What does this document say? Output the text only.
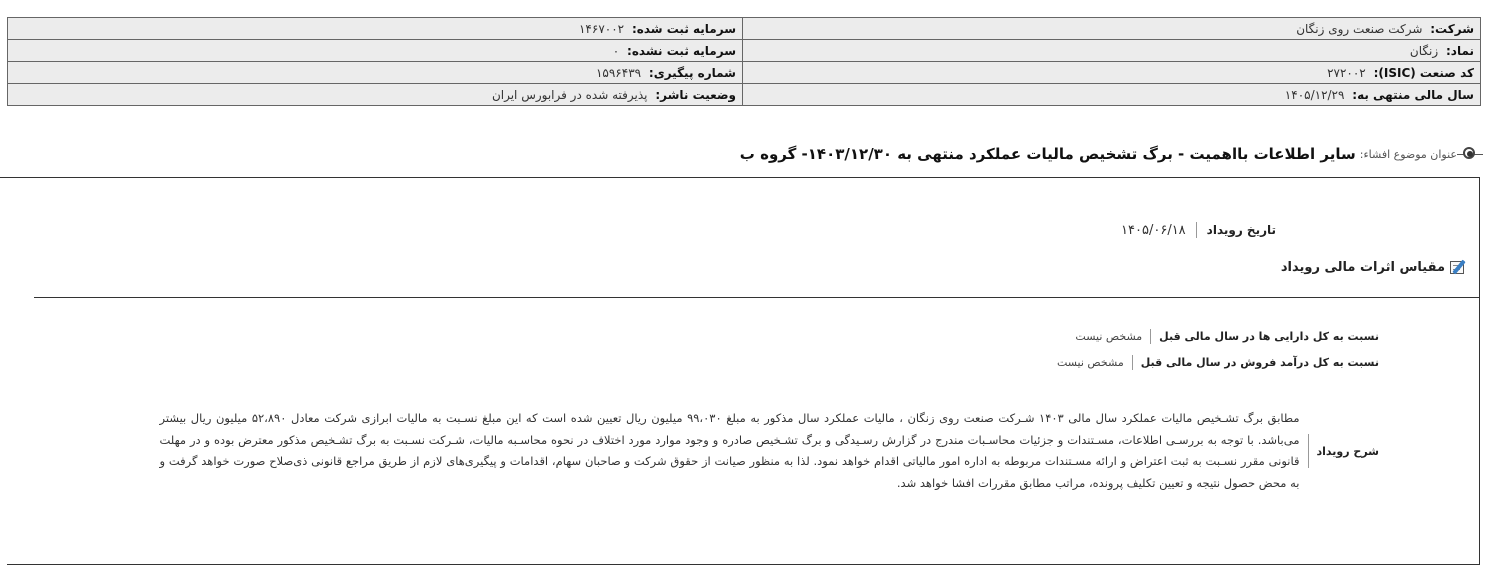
شرکت: شرکت صنعت روی زنگان	سرمایه ثبت شده: ۱۴۶۷۰۰۲
نماد: زنگان	سرمایه ثبت نشده: ۰
کد صنعت (ISIC): ۲۷۲۰۰۲	شماره پیگیری: ۱۵۹۶۴۳۹
سال مالی منتهی به: ۱۴۰۵/۱۲/۲۹	وضعیت ناشر: پذیرفته شده در فرابورس ایران
عنوان موضوع افشاء:
سایر اطلاعات بااهمیت - برگ تشخیص مالیات عملکرد منتهی به ۱۴۰۳/۱۲/۳۰- گروه ب
تاریخ رویداد
۱۴۰۵/۰۶/۱۸
مقیاس اثرات مالی رویداد
نسبت به کل دارایی ها در سال مالی قبل
مشخص نیست
نسبت به کل درآمد فروش در سال مالی قبل
مشخص نیست
شرح رویداد
مطابق برگ تشـخیص مالیات عملکرد سال مالی ۱۴۰۳ شـرکت صنعت روی زنگان ، مالیات عملکرد سال مذکور به مبلغ ۹۹،۰۳۰ میلیون ریال تعیین شده است که این مبلغ نسـبت به مالیات ابرازی شرکت معادل ۵۲،۸۹۰ میلیون ریال بیشتر می‌باشد. با توجه به بررسـی اطلاعات، مسـتندات و جزئیات محاسـبات مندرج در گزارش رسـیدگی و برگ تشـخیص صادره و وجود موارد مورد اختلاف در نحوه محاسـبه مالیات، شـرکت نسـبت به برگ تشـخیص مذکور معترض بوده و در مهلت قانونی مقرر نسـبت به ثبت اعتراض و ارائه مسـتندات مربوطه به اداره امور مالیاتی اقدام خواهد نمود. لذا به منظور صیانت از حقوق شرکت و صاحبان سهام، اقدامات و پیگیری‌های لازم از طریق مراجع قانونی ذی‌صلاح صورت خواهد گرفت و به محض حصول نتیجه و تعیین تکلیف پرونده، مراتب مطابق مقررات افشا خواهد شد.
